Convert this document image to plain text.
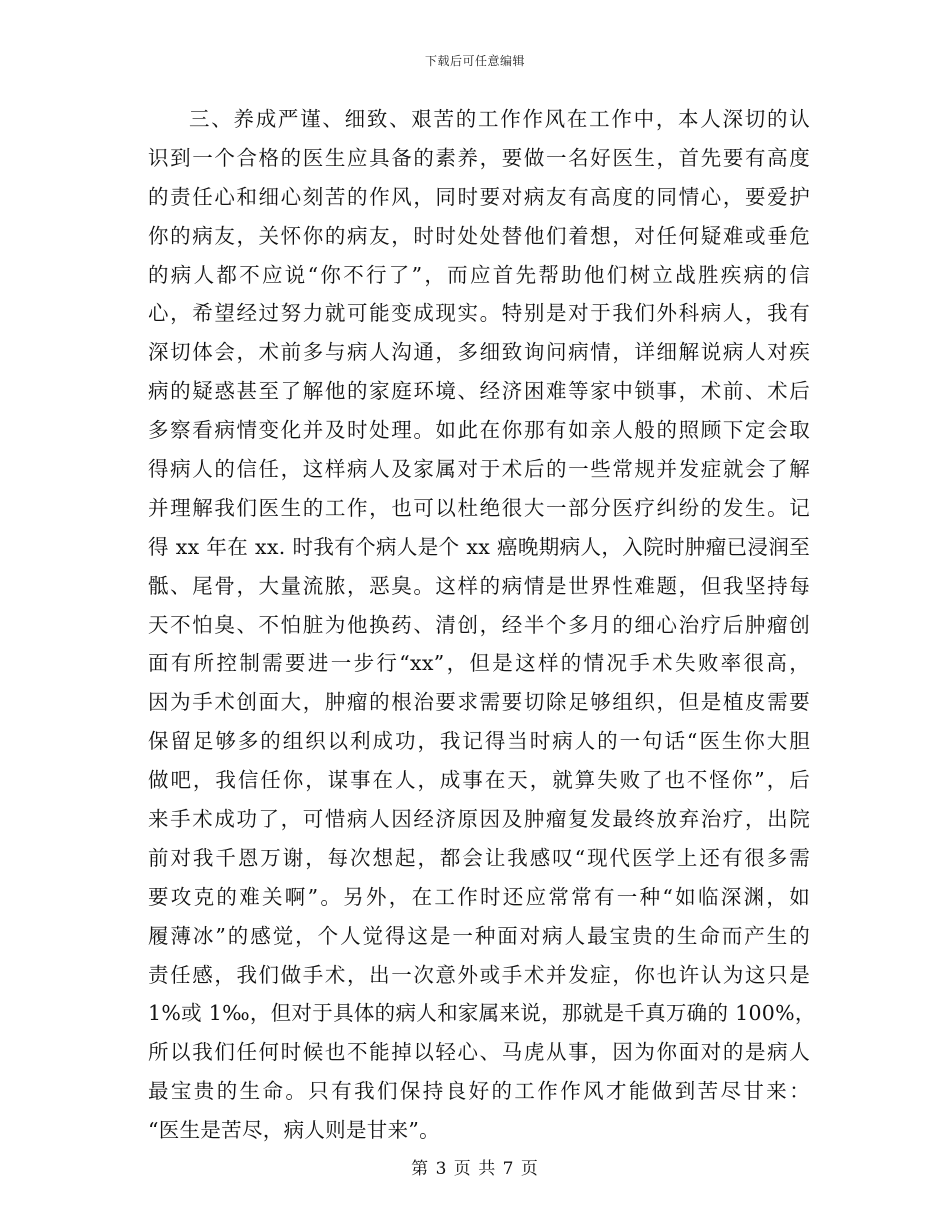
下载后可任意编辑
三、养成严谨、细致、艰苦的工作作风在工作中，本人深切的认
识到一个合格的医生应具备的素养，要做一名好医生，首先要有高度
的责任心和细心刻苦的作风，同时要对病友有高度的同情心，要爱护
你的病友，关怀你的病友，时时处处替他们着想，对任何疑难或垂危
的病人都不应说“你不行了”，而应首先帮助他们树立战胜疾病的信
心，希望经过努力就可能变成现实。特别是对于我们外科病人，我有
深切体会，术前多与病人沟通，多细致询问病情，详细解说病人对疾
病的疑惑甚至了解他的家庭环境、经济困难等家中锁事，术前、术后
多察看病情变化并及时处理。如此在你那有如亲人般的照顾下定会取
得病人的信任，这样病人及家属对于术后的一些常规并发症就会了解
并理解我们医生的工作，也可以杜绝很大一部分医疗纠纷的发生。记
得 xx 年在 xx. 时我有个病人是个 xx 癌晚期病人，入院时肿瘤已浸润至
骶、尾骨，大量流脓，恶臭。这样的病情是世界性难题，但我坚持每
天不怕臭、不怕脏为他换药、清创，经半个多月的细心治疗后肿瘤创
面有所控制需要进一步行“xx”，但是这样的情况手术失败率很高，
因为手术创面大，肿瘤的根治要求需要切除足够组织，但是植皮需要
保留足够多的组织以利成功，我记得当时病人的一句话“医生你大胆
做吧，我信任你，谋事在人，成事在天，就算失败了也不怪你”，后
来手术成功了，可惜病人因经济原因及肿瘤复发最终放弃治疗，出院
前对我千恩万谢，每次想起，都会让我感叹“现代医学上还有很多需
要攻克的难关啊”。另外，在工作时还应常常有一种“如临深渊，如
履薄冰”的感觉，个人觉得这是一种面对病人最宝贵的生命而产生的
责任感，我们做手术，出一次意外或手术并发症，你也许认为这只是
1%或 1‰，但对于具体的病人和家属来说，那就是千真万确的 100%，
所以我们任何时候也不能掉以轻心、马虎从事，因为你面对的是病人
最宝贵的生命。只有我们保持良好的工作作风才能做到苦尽甘来：
“医生是苦尽，病人则是甘来”。
第 3 页 共 7 页
